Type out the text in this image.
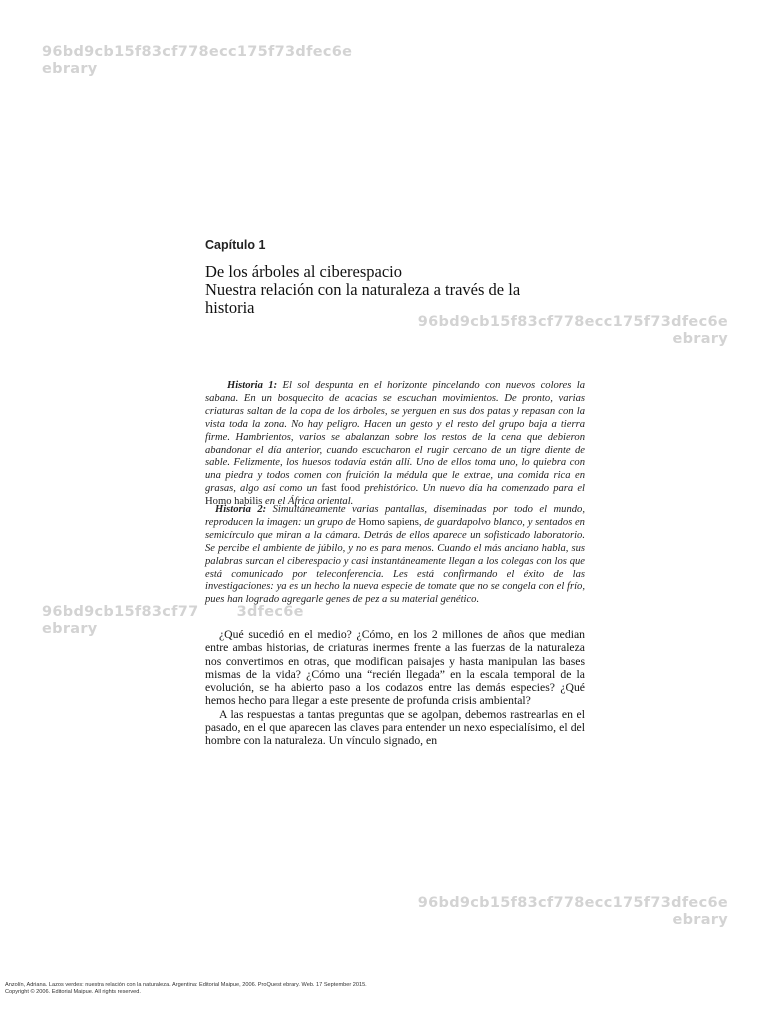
96bd9cb15f83cf778ecc175f73dfec6e
ebrary
96bd9cb15f83cf778ecc175f73dfec6e
ebrary
96bd9cb15f83cf77	3dfec6e
ebrary
96bd9cb15f83cf778ecc175f73dfec6e
ebrary
Capítulo 1
De los árboles al ciberespacio
Nuestra relación con la naturaleza a través de la
historia
Historia 1: El sol despunta en el horizonte pincelando con nuevos colores la sabana. En un bosquecito de acacias se escuchan movimientos. De pronto, varias criaturas saltan de la copa de los árboles, se yerguen en sus dos patas y repasan con la vista toda la zona. No hay peligro. Hacen un gesto y el resto del grupo baja a tierra firme. Hambrientos, varios se abalanzan sobre los restos de la cena que debieron abandonar el día anterior, cuando escucharon el rugir cercano de un tigre diente de sable. Felizmente, los huesos todavía están allí. Uno de ellos toma uno, lo quiebra con una piedra y todos comen con fruición la médula que le extrae, una comida rica en grasas, algo así como un fast food prehistórico. Un nuevo día ha comenzado para el Homo habilis en el África oriental.
Historia 2: Simultáneamente varias pantallas, diseminadas por todo el mundo, reproducen la imagen: un grupo de Homo sapiens, de guardapolvo blanco, y sentados en semicírculo que miran a la cámara. Detrás de ellos aparece un sofisticado laboratorio. Se percibe el ambiente de júbilo, y no es para menos. Cuando el más anciano habla, sus palabras surcan el ciberespacio y casi instantáneamente llegan a los colegas con los que está comunicado por teleconferencia. Les está confirmando el éxito de las investigaciones: ya es un hecho la nueva especie de tomate que no se congela con el frío, pues han logrado agregarle genes de pez a su material genético.

¿Qué sucedió en el medio? ¿Cómo, en los 2 millones de años que median entre ambas historias, de criaturas inermes frente a las fuerzas de la naturaleza nos convertimos en otras, que modifican paisajes y hasta manipulan las bases mismas de la vida? ¿Cómo una “recién llegada” en la escala temporal de la evolución, se ha abierto paso a los codazos entre las demás especies? ¿Qué hemos hecho para llegar a este presente de profunda crisis ambiental?

A las respuestas a tantas preguntas que se agolpan, debemos rastrearlas en el pasado, en el que aparecen las claves para entender un nexo especialísimo, el del hombre con la naturaleza. Un vínculo signado, en

Anzolín, Adriana. Lazos verdes: nuestra relación con la naturaleza. Argentina: Editorial Maipue, 2006. ProQuest ebrary. Web. 17 September 2015.
Copyright © 2006. Editorial Maipue. All rights reserved.
